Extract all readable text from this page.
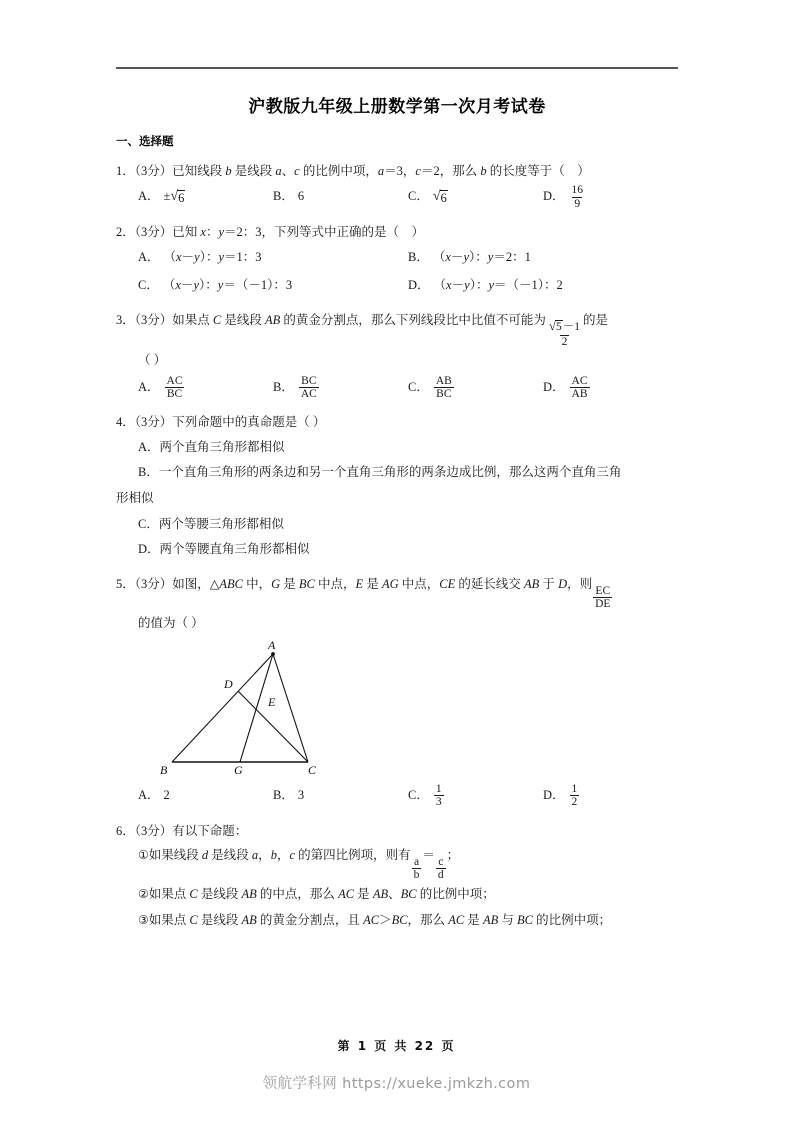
沪教版九年级上册数学第一次月考试卷
一、选择题
1．（3分）已知线段 b 是线段 a、c 的比例中项，a＝3，c＝2，那么 b 的长度等于（    ）
A． ± √ 6	B． 6	C． √ 6	D． $\frac{16}{9}$
2．（3分）已知 x：y＝2：3，下列等式中正确的是（    ）
A． （x－y）：y＝1：3	B． （x－y）：y＝2：1
C． （x－y）：y＝（－1）：3	D． （x－y）：y＝（－1）：2
3．（3分）如果点 C 是线段 AB 的黄金分割点，那么下列线段比中比值不可能为 $\frac{√ 5 -1}{2}$ 的是
（ ）
A． $\frac{AC}{BC}$	B． $\frac{BC}{AC}$	C． $\frac{AB}{BC}$	D． $\frac{AC}{AB}$
4．（3分）下列命题中的真命题是（ ）
A．两个直角三角形都相似
B．一个直角三角形的两条边和另一个直角三角形的两条边成比例，那么这两个直角三角
形相似
C．两个等腰三角形都相似
D．两个等腰直角三角形都相似
5．（3分）如图，△ABC 中，G 是 BC 中点，E 是 AG 中点，CE 的延长线交 AB 于 D，则
$\frac{EC}{DE}$
的值为（ ）
A
B	C
D
E
G
A． 2	B． 3	C． $\frac{1}{3}$	D． $\frac{1}{2}$
6．（3分）有以下命题：
①如果线段 d 是线段 a，b，c 的第四比例项，则有
$\frac{a}{b}$
＝
$\frac{c}{d}$
；
②如果点 C 是线段 AB 的中点，那么 AC 是 AB、BC 的比例中项；
③如果点 C 是线段 AB 的黄金分割点，且 AC＞BC，那么 AC 是 AB 与 BC 的比例中项；
第 1 页 共 22 页
领航学科网 https://xueke.jmkzh.com
